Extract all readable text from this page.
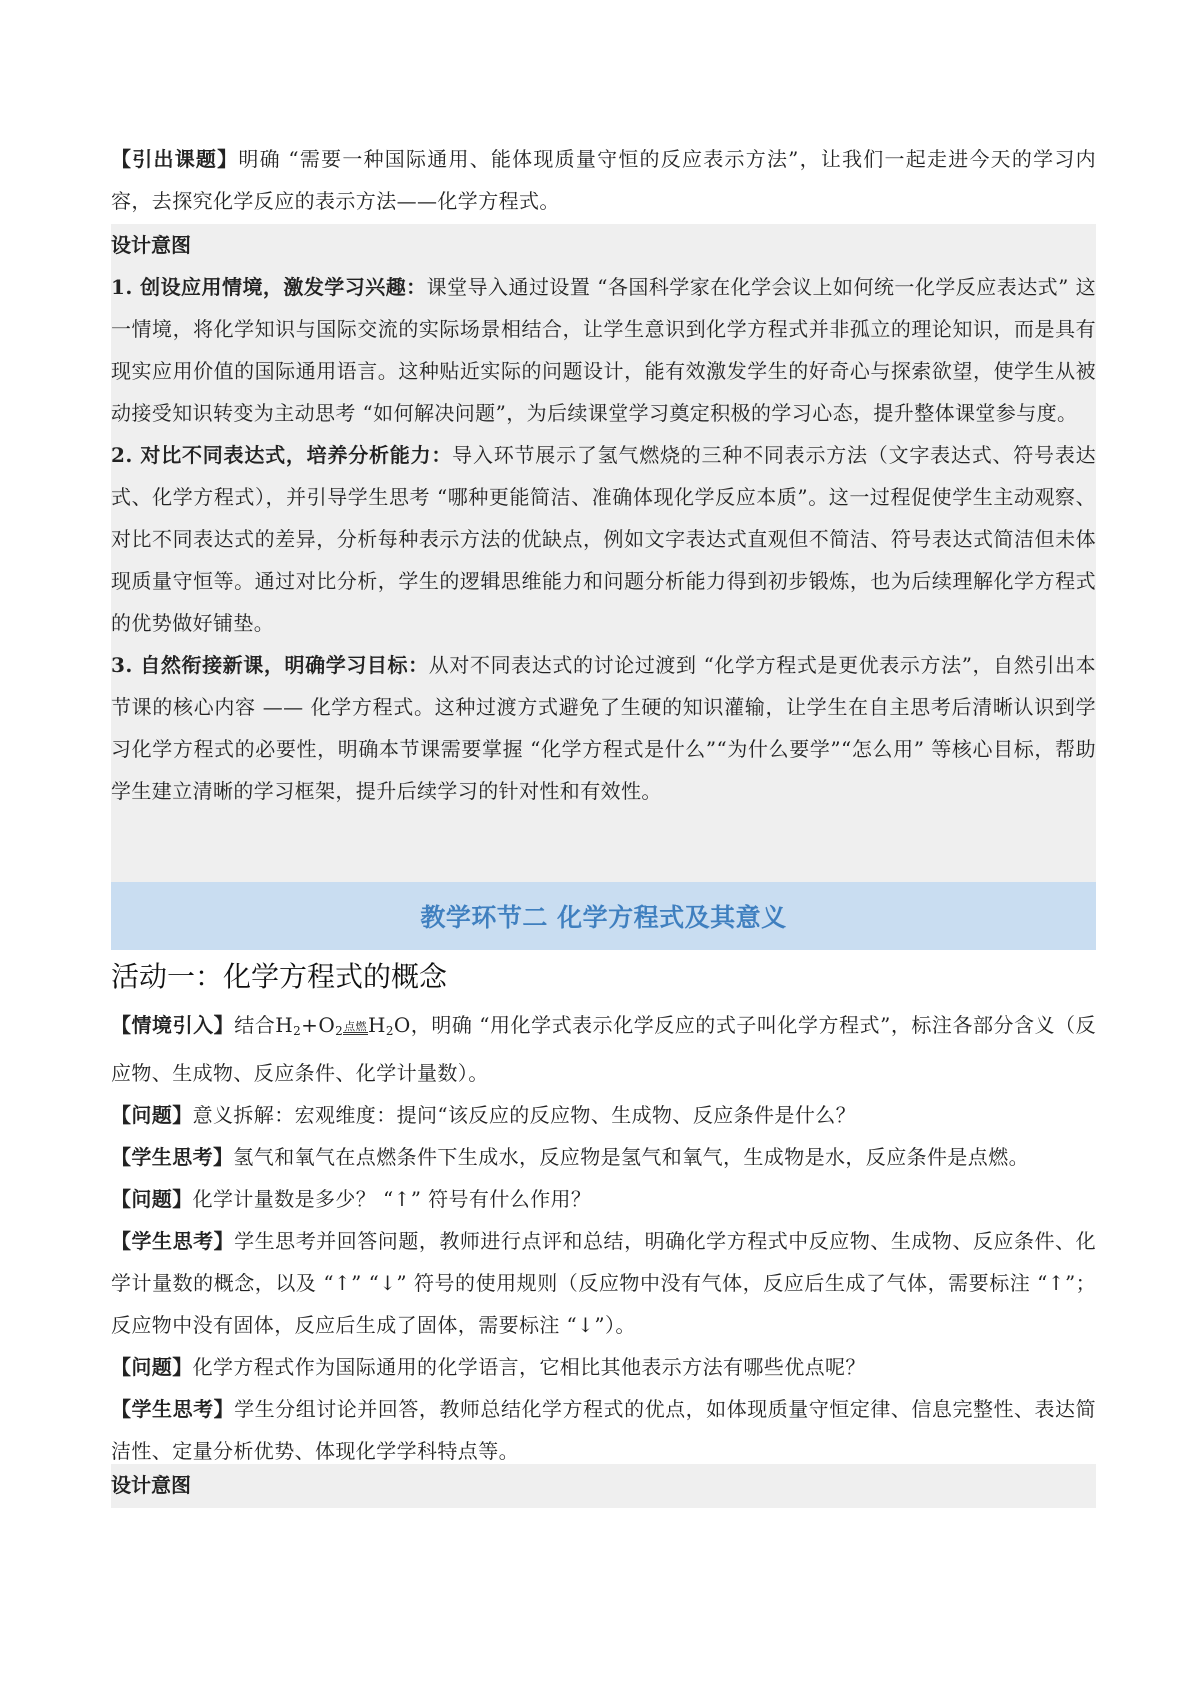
【引出课题】明确 “需要一种国际通用、能体现质量守恒的反应表示方法”，让我们一起走进今天的学习内容，去探究化学反应的表示方法——化学方程式。

设计意图

1. 创设应用情境，激发学习兴趣：课堂导入通过设置 “各国科学家在化学会议上如何统一化学反应表达式” 这一情境，将化学知识与国际交流的实际场景相结合，让学生意识到化学方程式并非孤立的理论知识，而是具有现实应用价值的国际通用语言。这种贴近实际的问题设计，能有效激发学生的好奇心与探索欲望，使学生从被动接受知识转变为主动思考 “如何解决问题”，为后续课堂学习奠定积极的学习心态，提升整体课堂参与度。

2. 对比不同表达式，培养分析能力：导入环节展示了氢气燃烧的三种不同表示方法（文字表达式、符号表达式、化学方程式），并引导学生思考 “哪种更能简洁、准确体现化学反应本质”。这一过程促使学生主动观察、对比不同表达式的差异，分析每种表示方法的优缺点，例如文字表达式直观但不简洁、符号表达式简洁但未体现质量守恒等。通过对比分析，学生的逻辑思维能力和问题分析能力得到初步锻炼，也为后续理解化学方程式的优势做好铺垫。

3. 自然衔接新课，明确学习目标：从对不同表达式的讨论过渡到 “化学方程式是更优表示方法”，自然引出本节课的核心内容 —— 化学方程式。这种过渡方式避免了生硬的知识灌输，让学生在自主思考后清晰认识到学习化学方程式的必要性，明确本节课需要掌握 “化学方程式是什么”“为什么要学”“怎么用” 等核心目标，帮助学生建立清晰的学习框架，提升后续学习的针对性和有效性。

教学环节二 化学方程式及其意义
活动一：化学方程式的概念

【情境引入】结合$H_2+O_2$点燃$H_2O$，明确 “用化学式表示化学反应的式子叫化学方程式”，标注各部分含义（反应物、生成物、反应条件、化学计量数）。

【问题】意义拆解：宏观维度：提问“该反应的反应物、生成物、反应条件是什么？

【学生思考】氢气和氧气在点燃条件下生成水，反应物是氢气和氧气，生成物是水，反应条件是点燃。

【问题】化学计量数是多少？ “↑” 符号有什么作用？

【学生思考】学生思考并回答问题，教师进行点评和总结，明确化学方程式中反应物、生成物、反应条件、化学计量数的概念，以及 “↑” “↓” 符号的使用规则（反应物中没有气体，反应后生成了气体，需要标注 “↑”；反应物中没有固体，反应后生成了固体，需要标注 “↓”）。

【问题】化学方程式作为国际通用的化学语言，它相比其他表示方法有哪些优点呢？

【学生思考】学生分组讨论并回答，教师总结化学方程式的优点，如体现质量守恒定律、信息完整性、表达简洁性、定量分析优势、体现化学学科特点等。

设计意图
